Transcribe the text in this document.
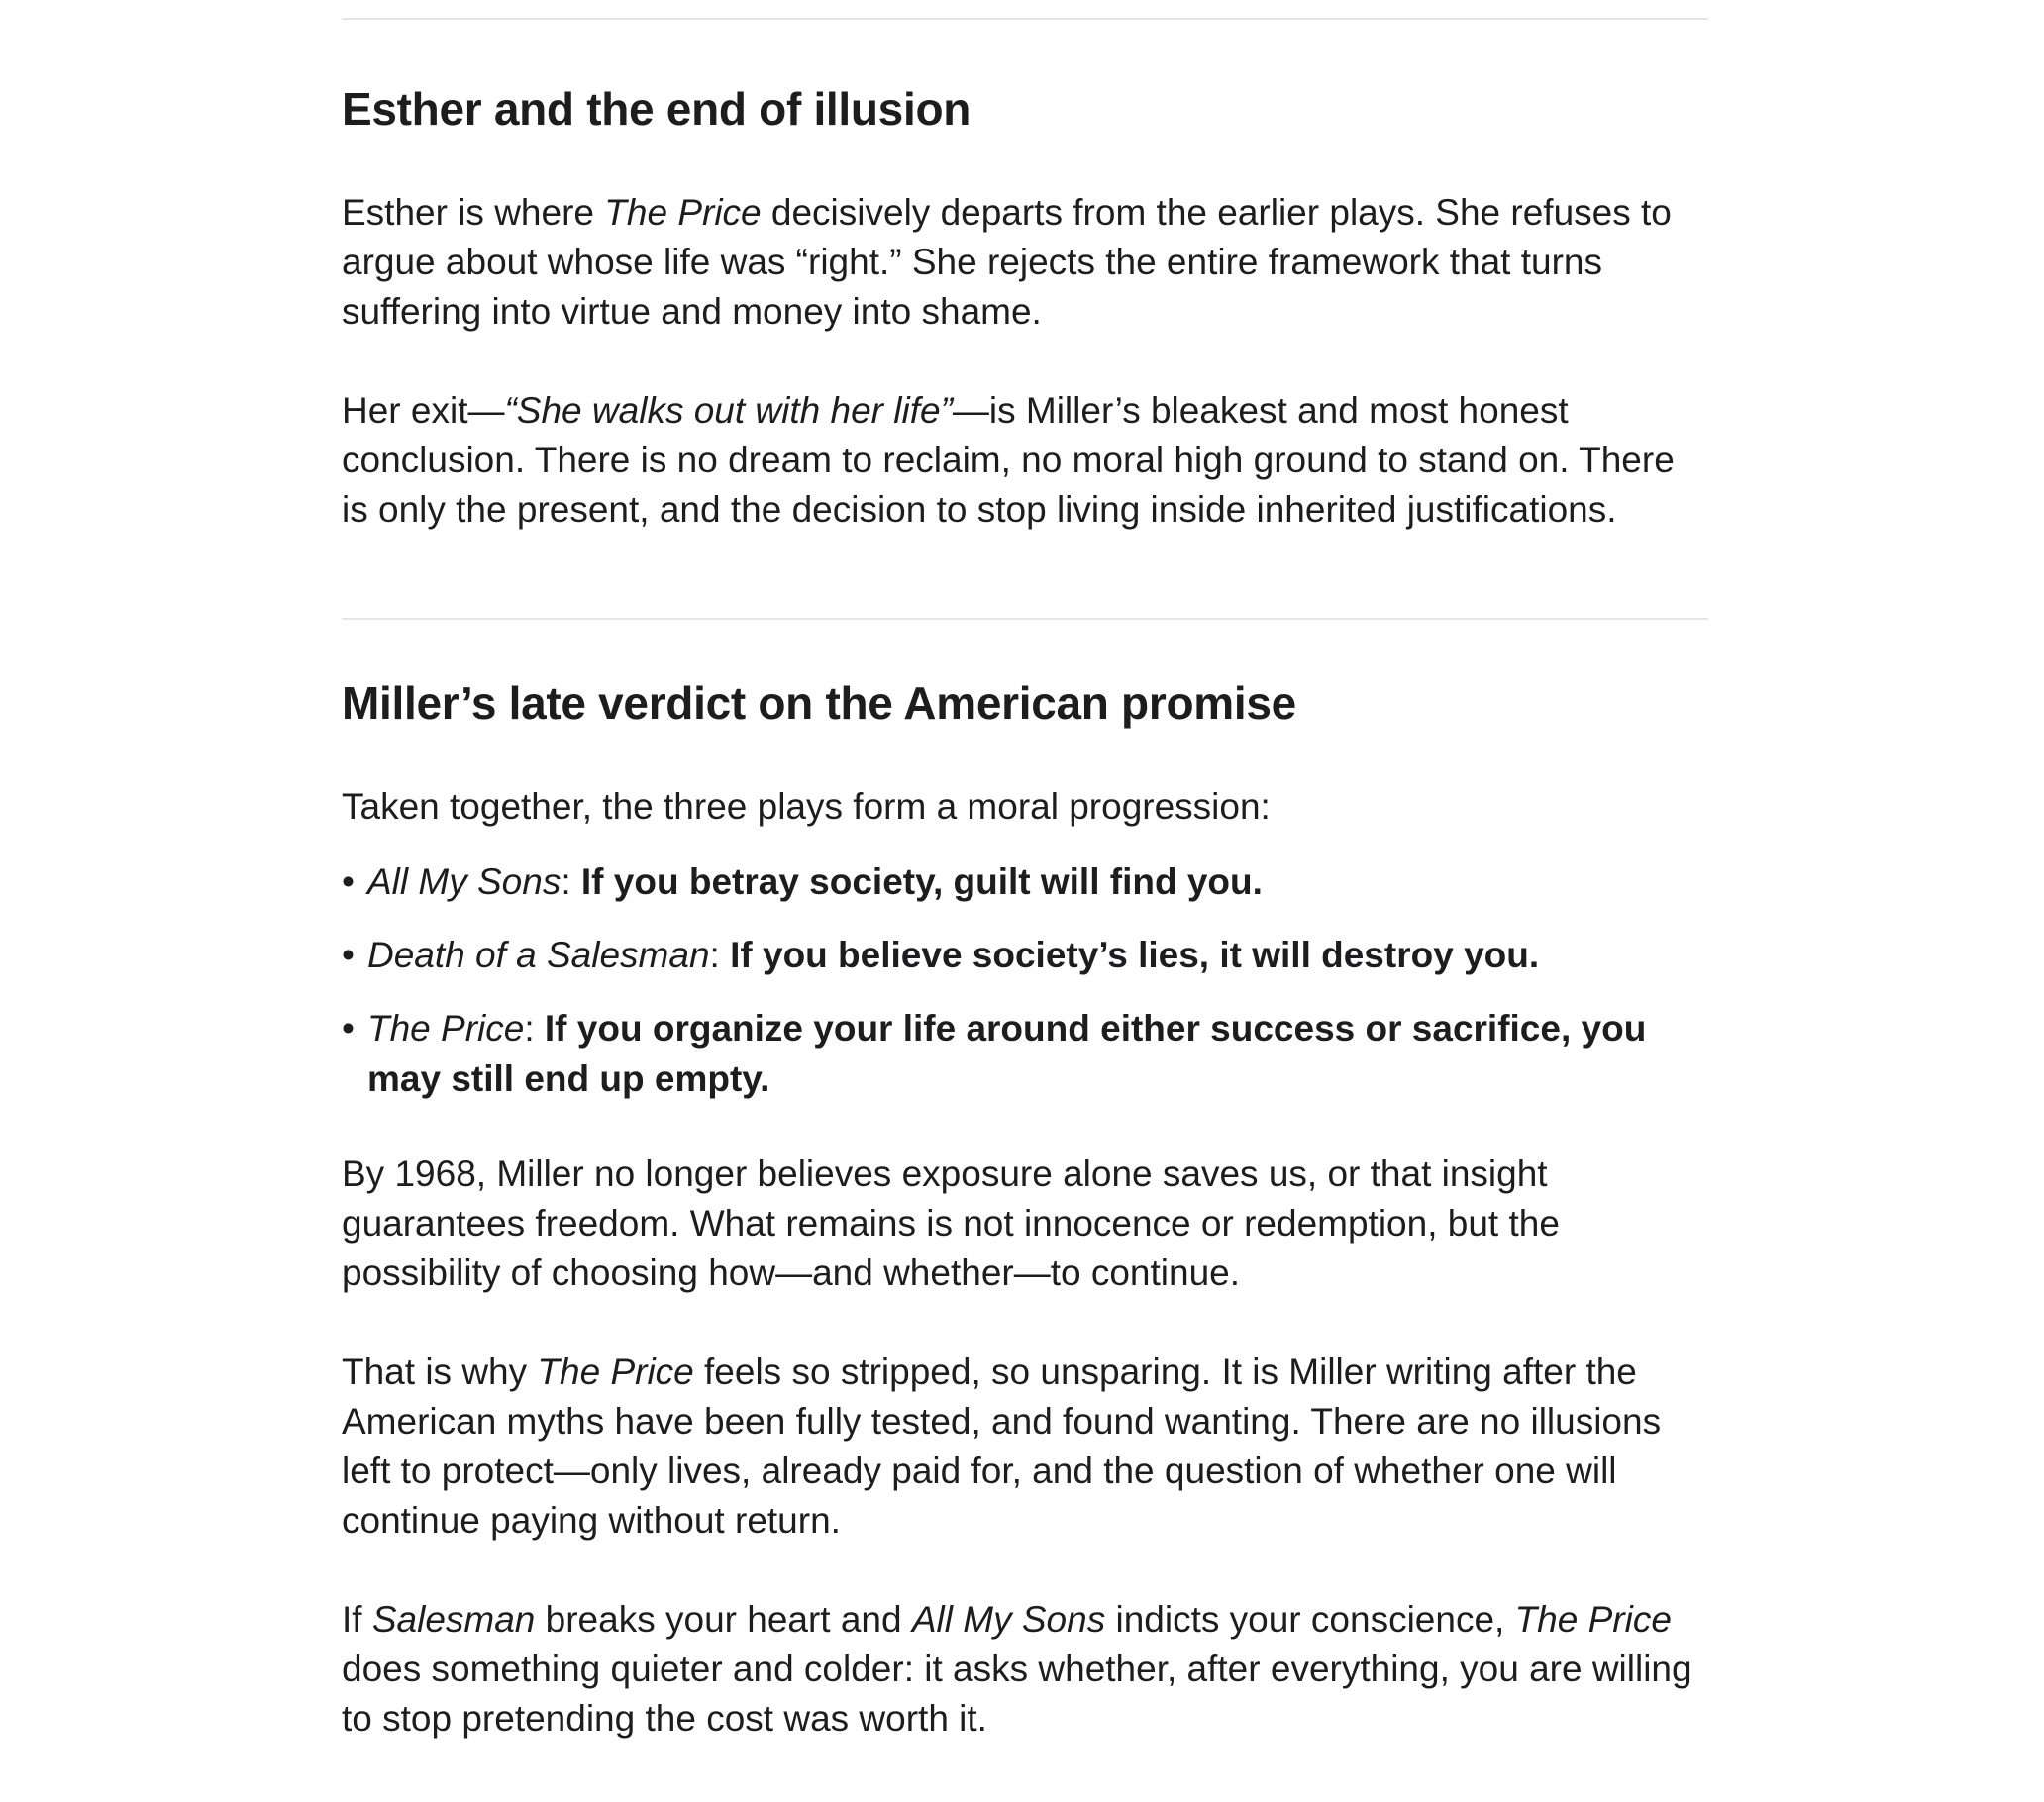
Esther and the end of illusion

Esther is where The Price decisively departs from the earlier plays. She refuses to argue about whose life was “right.” She rejects the entire framework that turns suffering into virtue and money into shame.

Her exit—“She walks out with her life”—is Miller’s bleakest and most honest conclusion. There is no dream to reclaim, no moral high ground to stand on. There is only the present, and the decision to stop living inside inherited justifications.

Miller’s late verdict on the American promise

Taken together, the three plays form a moral progression:

• All My Sons: If you betray society, guilt will find you.
• Death of a Salesman: If you believe society’s lies, it will destroy you.
• The Price: If you organize your life around either success or sacrifice, you may still end up empty.

By 1968, Miller no longer believes exposure alone saves us, or that insight guarantees freedom. What remains is not innocence or redemption, but the possibility of choosing how—and whether—to continue.

That is why The Price feels so stripped, so unsparing. It is Miller writing after the American myths have been fully tested, and found wanting. There are no illusions left to protect—only lives, already paid for, and the question of whether one will continue paying without return.

If Salesman breaks your heart and All My Sons indicts your conscience, The Price does something quieter and colder: it asks whether, after everything, you are willing to stop pretending the cost was worth it.
